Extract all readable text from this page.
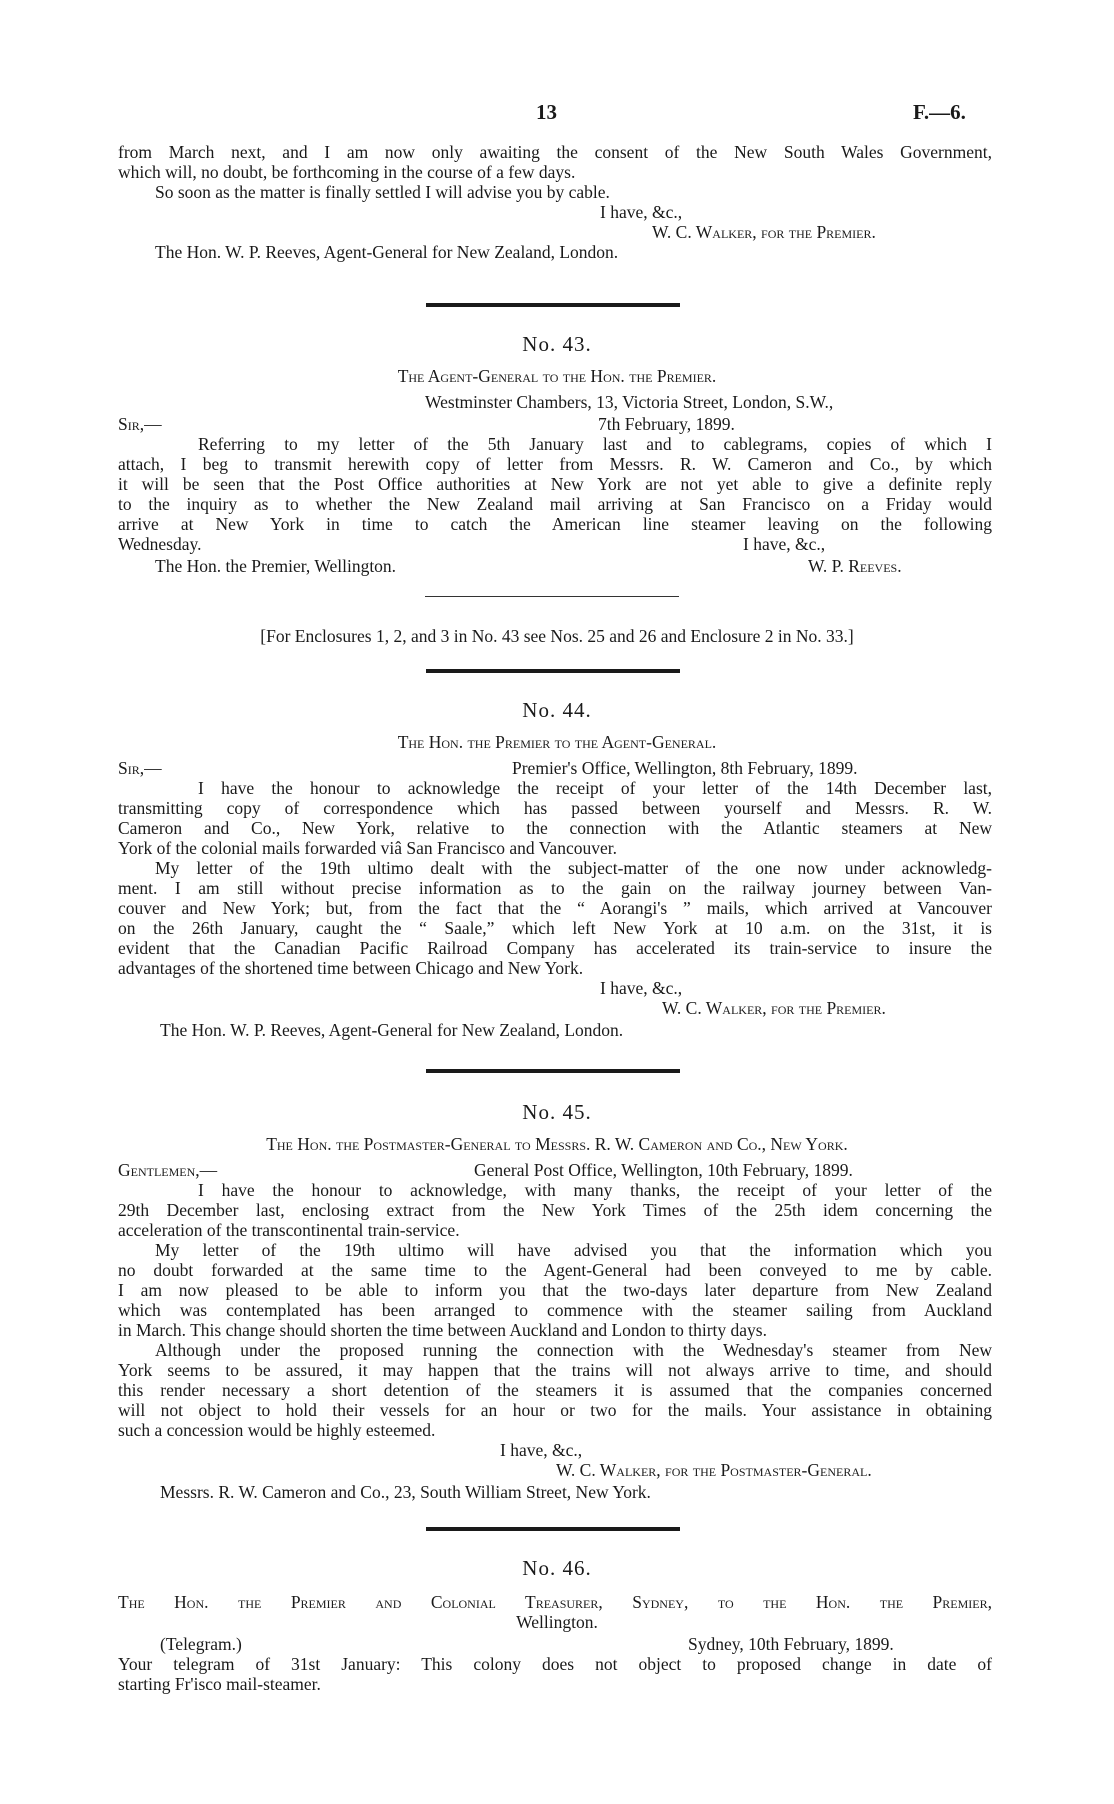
13	F.—6.
from March next, and I am now only awaiting the consent of the New South Wales Government,
which will, no doubt, be forthcoming in the course of a few days.
So soon as the matter is finally settled I will advise you by cable.
I have, &c.,
W. C. Walker, for the Premier.
The Hon. W. P. Reeves, Agent-General for New Zealand, London.
No. 43.
The Agent-General to the Hon. the Premier.
Westminster Chambers, 13, Victoria Street, London, S.W.,
Sir,—	7th February, 1899.
Referring to my letter of the 5th January last and to cablegrams, copies of which I
attach, I beg to transmit herewith copy of letter from Messrs. R. W. Cameron and Co., by which
it will be seen that the Post Office authorities at New York are not yet able to give a definite reply
to the inquiry as to whether the New Zealand mail arriving at San Francisco on a Friday would
arrive at New York in time to catch the American line steamer leaving on the following
Wednesday.	I have, &c.,
The Hon. the Premier, Wellington.	W. P. Reeves.
[For Enclosures 1, 2, and 3 in No. 43 see Nos. 25 and 26 and Enclosure 2 in No. 33.]
No. 44.
The Hon. the Premier to the Agent-General.
Sir,—	Premier's Office, Wellington, 8th February, 1899.
I have the honour to acknowledge the receipt of your letter of the 14th December last,
transmitting copy of correspondence which has passed between yourself and Messrs. R. W.
Cameron and Co., New York, relative to the connection with the Atlantic steamers at New
York of the colonial mails forwarded viâ San Francisco and Vancouver.
My letter of the 19th ultimo dealt with the subject-matter of the one now under acknowledg-
ment. I am still without precise information as to the gain on the railway journey between Van-
couver and New York; but, from the fact that the “ Aorangi's ” mails, which arrived at Vancouver
on the 26th January, caught the “ Saale,” which left New York at 10 a.m. on the 31st, it is
evident that the Canadian Pacific Railroad Company has accelerated its train-service to insure the
advantages of the shortened time between Chicago and New York.
I have, &c.,
W. C. Walker, for the Premier.
The Hon. W. P. Reeves, Agent-General for New Zealand, London.
No. 45.
The Hon. the Postmaster-General to Messrs. R. W. Cameron and Co., New York.
Gentlemen,—	General Post Office, Wellington, 10th February, 1899.
I have the honour to acknowledge, with many thanks, the receipt of your letter of the
29th December last, enclosing extract from the New York Times of the 25th idem concerning the
acceleration of the transcontinental train-service.
My letter of the 19th ultimo will have advised you that the information which you
no doubt forwarded at the same time to the Agent-General had been conveyed to me by cable.
I am now pleased to be able to inform you that the two-days later departure from New Zealand
which was contemplated has been arranged to commence with the steamer sailing from Auckland
in March. This change should shorten the time between Auckland and London to thirty days.
Although under the proposed running the connection with the Wednesday's steamer from New
York seems to be assured, it may happen that the trains will not always arrive to time, and should
this render necessary a short detention of the steamers it is assumed that the companies concerned
will not object to hold their vessels for an hour or two for the mails. Your assistance in obtaining
such a concession would be highly esteemed.
I have, &c.,
W. C. Walker, for the Postmaster-General.
Messrs. R. W. Cameron and Co., 23, South William Street, New York.
No. 46.
The Hon. the Premier and Colonial Treasurer, Sydney, to the Hon. the Premier,
Wellington.
(Telegram.)	Sydney, 10th February, 1899.
Your telegram of 31st January: This colony does not object to proposed change in date of
starting Fr'isco mail-steamer.
